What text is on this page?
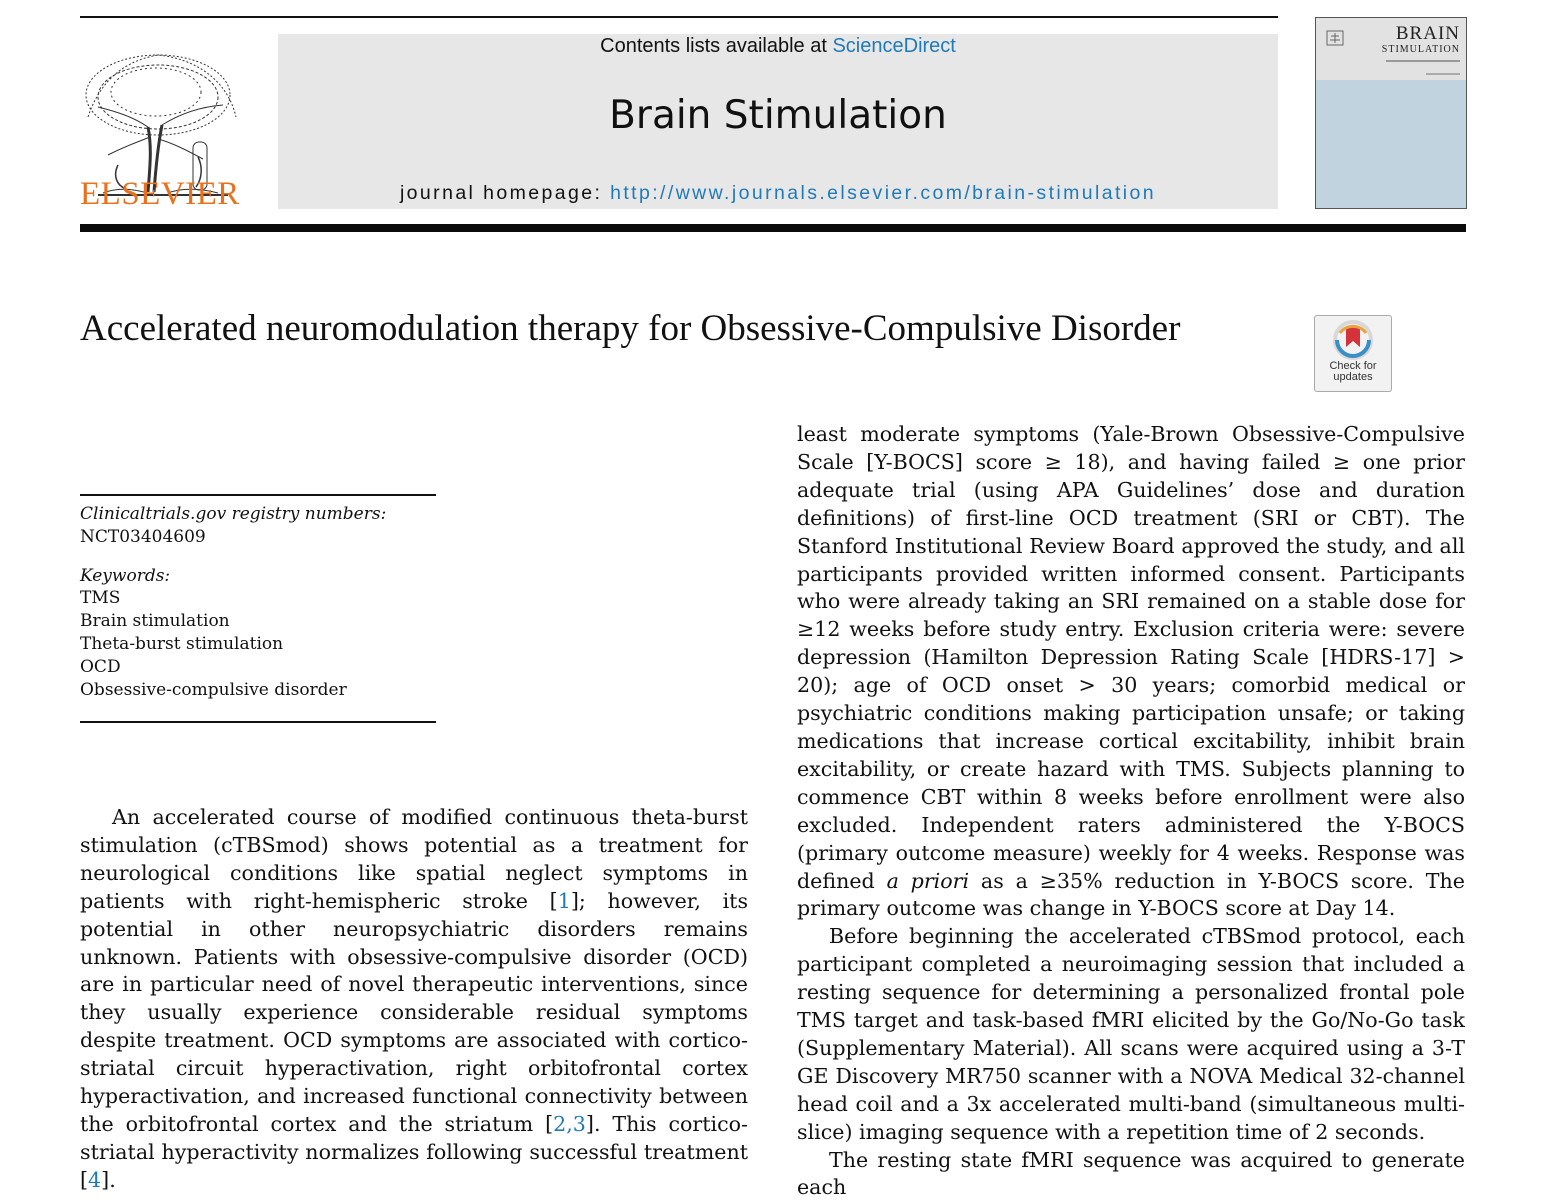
ELSEVIER
Contents lists available at ScienceDirect
Brain Stimulation
journal homepage: http://www.journals.elsevier.com/brain-stimulation
BRAIN
STIMULATION
Accelerated neuromodulation therapy for Obsessive-Compulsive Disorder
Check for updates
Clinicaltrials.gov registry numbers:
NCT03404609
Keywords:
TMS
Brain stimulation
Theta-burst stimulation
OCD
Obsessive-compulsive disorder

An accelerated course of modified continuous theta-burst stimulation (cTBSmod) shows potential as a treatment for neurological conditions like spatial neglect symptoms in patients with right-hemispheric stroke [1]; however, its potential in other neuropsychiatric disorders remains unknown. Patients with obsessive-compulsive disorder (OCD) are in particular need of novel therapeutic interventions, since they usually experience considerable residual symptoms despite treatment. OCD symptoms are associated with cortico-striatal circuit hyperactivation, right orbitofrontal cortex hyperactivation, and increased functional connectivity between the orbitofrontal cortex and the striatum [2,3]. This cortico-striatal hyperactivity normalizes following successful treatment [4].

least moderate symptoms (Yale-Brown Obsessive-Compulsive Scale [Y-BOCS] score ≥ 18), and having failed ≥ one prior adequate trial (using APA Guidelines’ dose and duration definitions) of first-line OCD treatment (SRI or CBT). The Stanford Institutional Review Board approved the study, and all participants provided written informed consent. Participants who were already taking an SRI remained on a stable dose for ≥12 weeks before study entry. Exclusion criteria were: severe depression (Hamilton Depression Rating Scale [HDRS-17] > 20); age of OCD onset > 30 years; comorbid medical or psychiatric conditions making participation unsafe; or taking medications that increase cortical excitability, inhibit brain excitability, or create hazard with TMS. Subjects planning to commence CBT within 8 weeks before enrollment were also excluded. Independent raters administered the Y-BOCS (primary outcome measure) weekly for 4 weeks. Response was defined a priori as a ≥35% reduction in Y-BOCS score. The primary outcome was change in Y-BOCS score at Day 14.

Before beginning the accelerated cTBSmod protocol, each participant completed a neuroimaging session that included a resting sequence for determining a personalized frontal pole TMS target and task-based fMRI elicited by the Go/No-Go task (Supplementary Material). All scans were acquired using a 3-T GE Discovery MR750 scanner with a NOVA Medical 32-channel head coil and a 3x accelerated multi-band (simultaneous multi-slice) imaging sequence with a repetition time of 2 seconds.

The resting state fMRI sequence was acquired to generate each
